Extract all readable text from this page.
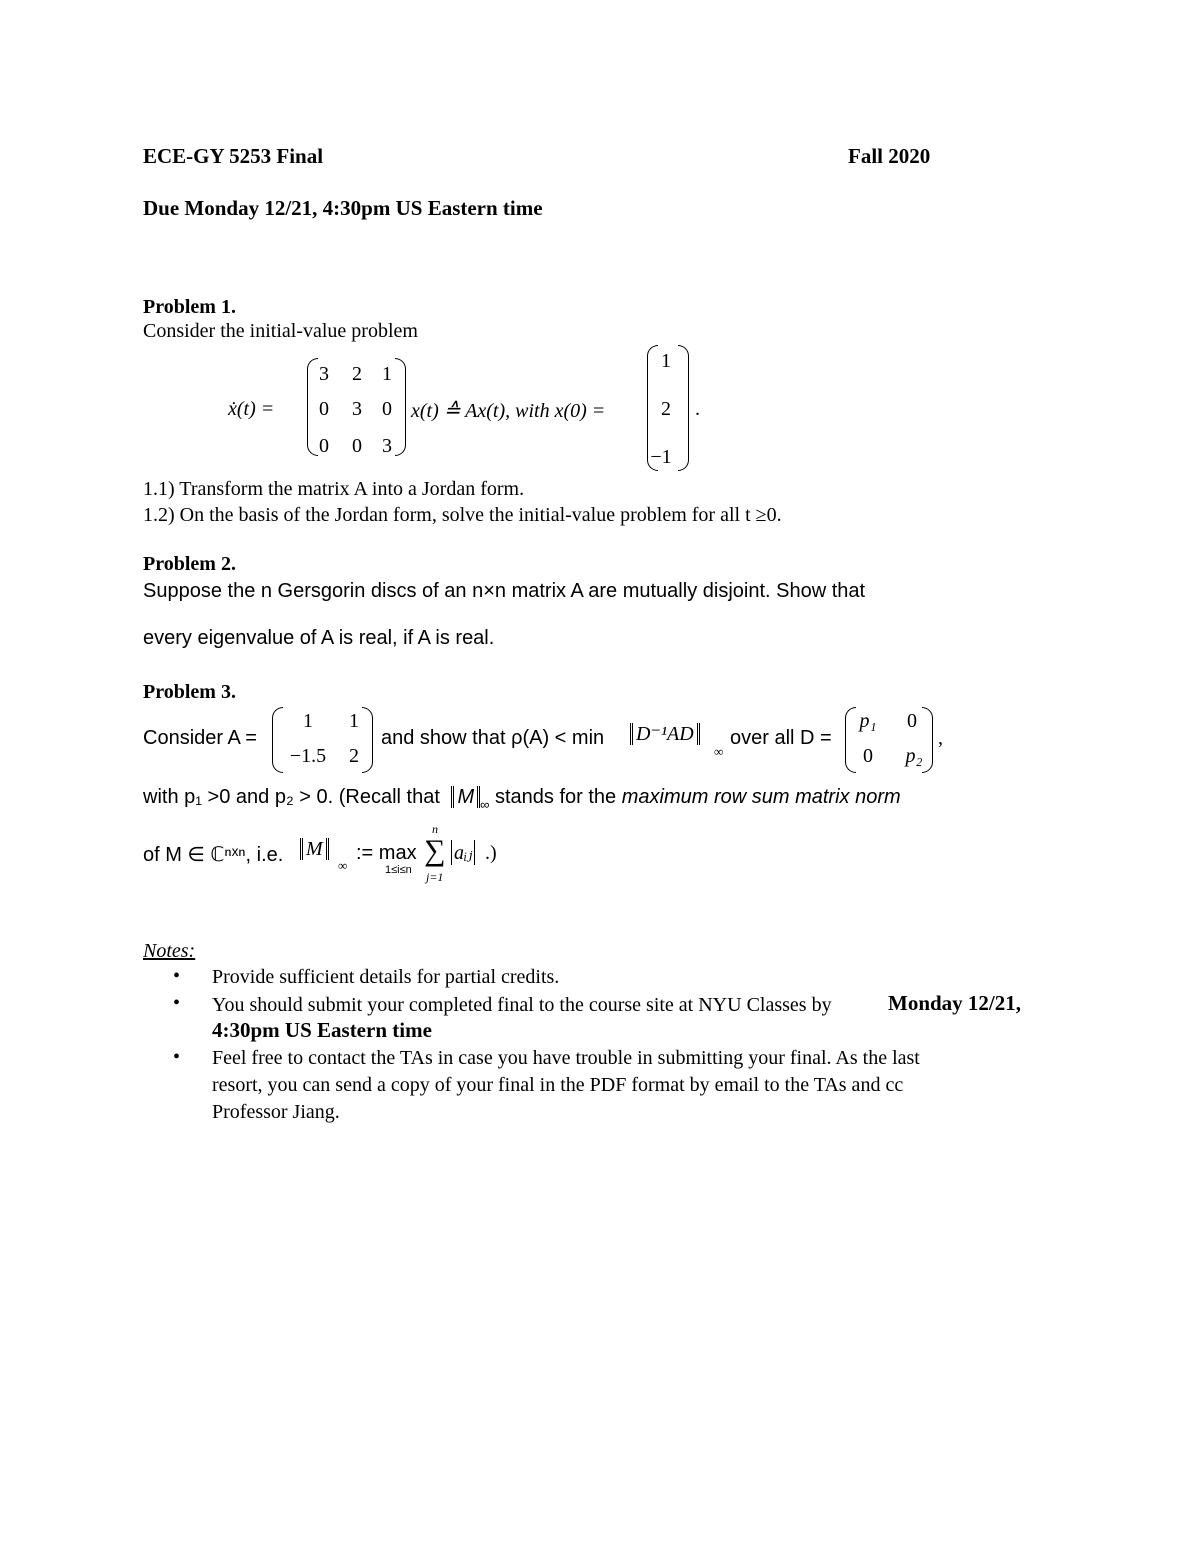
ECE-GY 5253 Final	Fall 2020
Due Monday 12/21, 4:30pm US Eastern time
Problem 1.
Consider the initial-value problem
ẋ(t) =
3	2	1
0	3	0
0	0	3
x(t) ≙ Ax(t), with x(0) =
1
2
−1
.
1.1) Transform the matrix A into a Jordan form.
1.2) On the basis of the Jordan form, solve the initial-value problem for all t ≥0.
Problem 2.
Suppose the n Gersgorin discs of an n×n matrix A are mutually disjoint. Show that
every eigenvalue of A is real, if A is real.
Problem 3.
Consider A =
1	1
−1.5	2
and show that ρ(A) < min	D⁻¹AD
∞
over all D =
p₁	0
0	p₂
,
with p₁ >0 and p₂ > 0. (Recall that M $_\infty$ stands for the maximum row sum matrix norm
of M ∈ ℂⁿˣⁿ, i.e.	M
∞
:= max
1≤i≤n
n
∑
j=1
aᵢⱼ .)
Notes:
• Provide sufficient details for partial credits.
• You should submit your completed final to the course site at NYU Classes by	Monday 12/21,
4:30pm US Eastern time
• Feel free to contact the TAs in case you have trouble in submitting your final. As the last
resort, you can send a copy of your final in the PDF format by email to the TAs and cc
Professor Jiang.
